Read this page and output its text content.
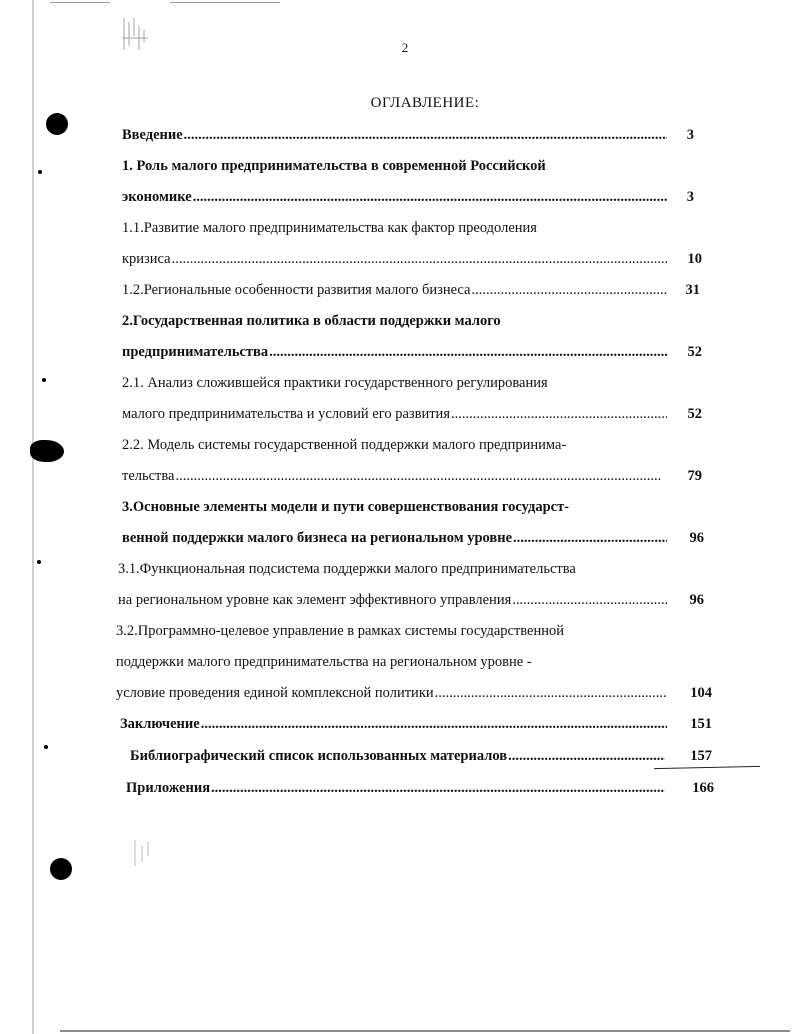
2
ОГЛАВЛЕНИЕ:
Введение .....	3
1. Роль малого предпринимательства в современной Российской
экономике .....	3
1.1.Развитие малого предпринимательства как фактор преодоления
кризиса .....	10
1.2.Региональные особенности развития малого бизнеса .....	31
2.Государственная политика в области поддержки малого
предпринимательства .....	52
2.1. Анализ сложившейся практики государственного регулирования
малого предпринимательства и условий его развития .....	52
2.2. Модель системы государственной поддержки малого предпринима-
тельства .....	79
3.Основные элементы модели и пути совершенствования государст-
венной поддержки малого бизнеса на региональном уровне .....	96
3.1.Функциональная подсистема поддержки малого предпринимательства
на региональном уровне как элемент эффективного управления .....	96
3.2.Программно-целевое управление в рамках системы государственной
поддержки малого предпринимательства на региональном уровне -
условие проведения единой комплексной политики .....	104
Заключение .....	151
Библиографический список использованных материалов .....	157
Приложения .....	166
